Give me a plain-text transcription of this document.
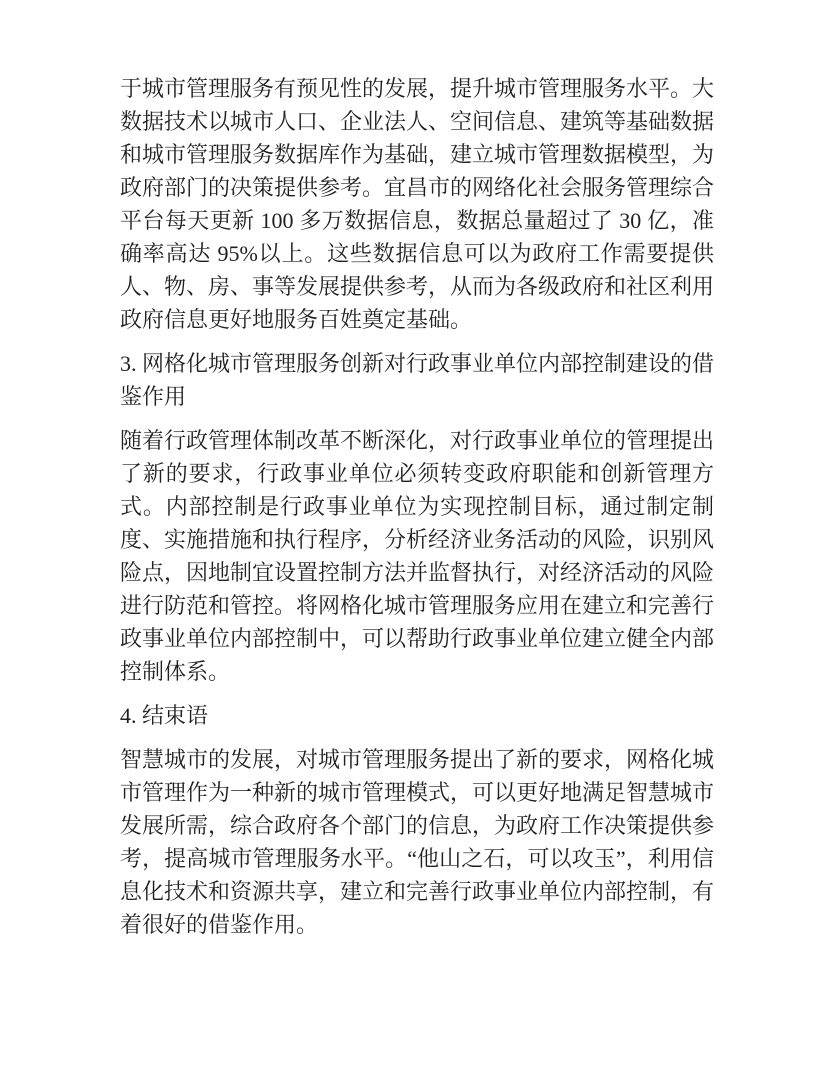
于城市管理服务有预见性的发展，提升城市管理服务水平。大数据技术以城市人口、企业法人、空间信息、建筑等基础数据和城市管理服务数据库作为基础，建立城市管理数据模型，为政府部门的决策提供参考。宜昌市的网络化社会服务管理综合平台每天更新 100 多万数据信息，数据总量超过了 30 亿，准确率高达 95%以上。这些数据信息可以为政府工作需要提供人、物、房、事等发展提供参考，从而为各级政府和社区利用政府信息更好地服务百姓奠定基础。
3. 网格化城市管理服务创新对行政事业单位内部控制建设的借鉴作用
随着行政管理体制改革不断深化，对行政事业单位的管理提出了新的要求，行政事业单位必须转变政府职能和创新管理方式。内部控制是行政事业单位为实现控制目标，通过制定制度、实施措施和执行程序，分析经济业务活动的风险，识别风险点，因地制宜设置控制方法并监督执行，对经济活动的风险进行防范和管控。将网格化城市管理服务应用在建立和完善行政事业单位内部控制中，可以帮助行政事业单位建立健全内部控制体系。
4. 结束语
智慧城市的发展，对城市管理服务提出了新的要求，网格化城市管理作为一种新的城市管理模式，可以更好地满足智慧城市发展所需，综合政府各个部门的信息，为政府工作决策提供参考，提高城市管理服务水平。“他山之石，可以攻玉”，利用信息化技术和资源共享，建立和完善行政事业单位内部控制，有着很好的借鉴作用。
